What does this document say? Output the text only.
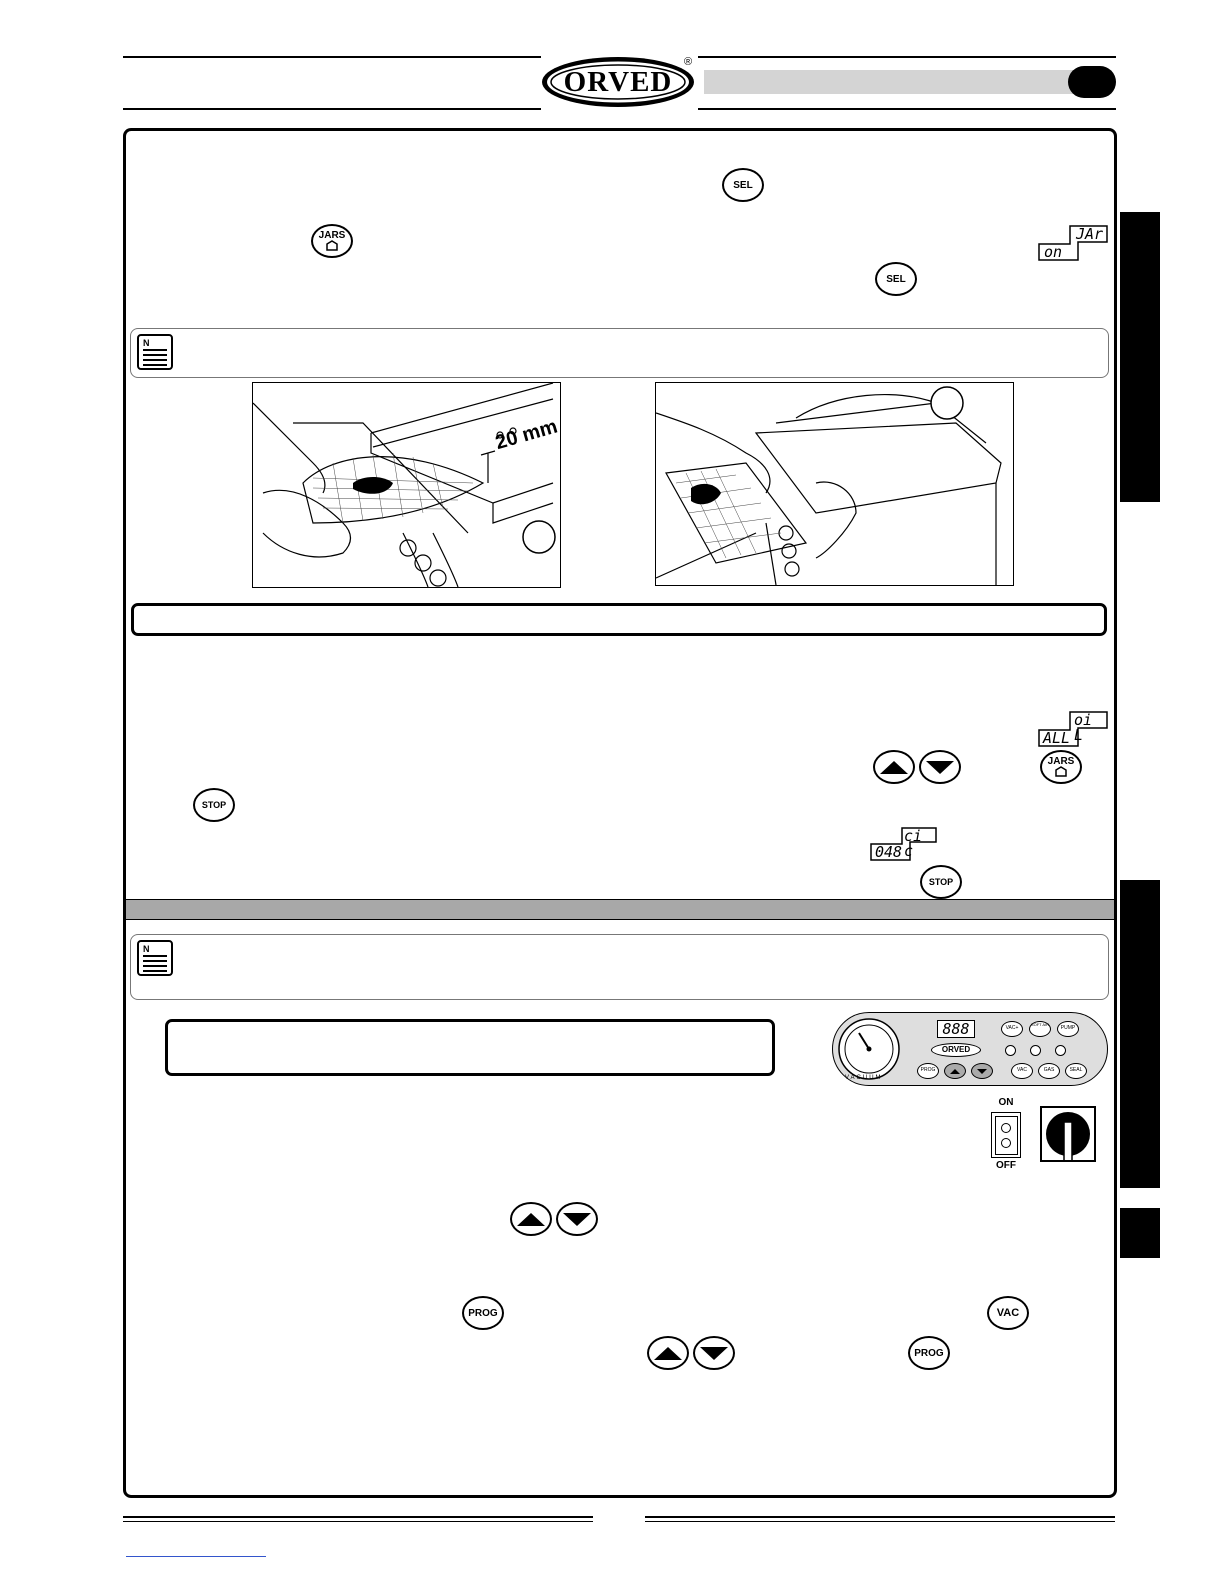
ORVED
®
SEL
JARS	JAr
on
SEL
N
20 mm
oi L
ALL
JARS
STOP
ci c
048
STOP
N
VACUUM
888
ORVED
VAC+
SOFT AIR
PUMP
PROG	VAC	GAS	SEAL
ON
OFF
PROG	VAC
PROG
